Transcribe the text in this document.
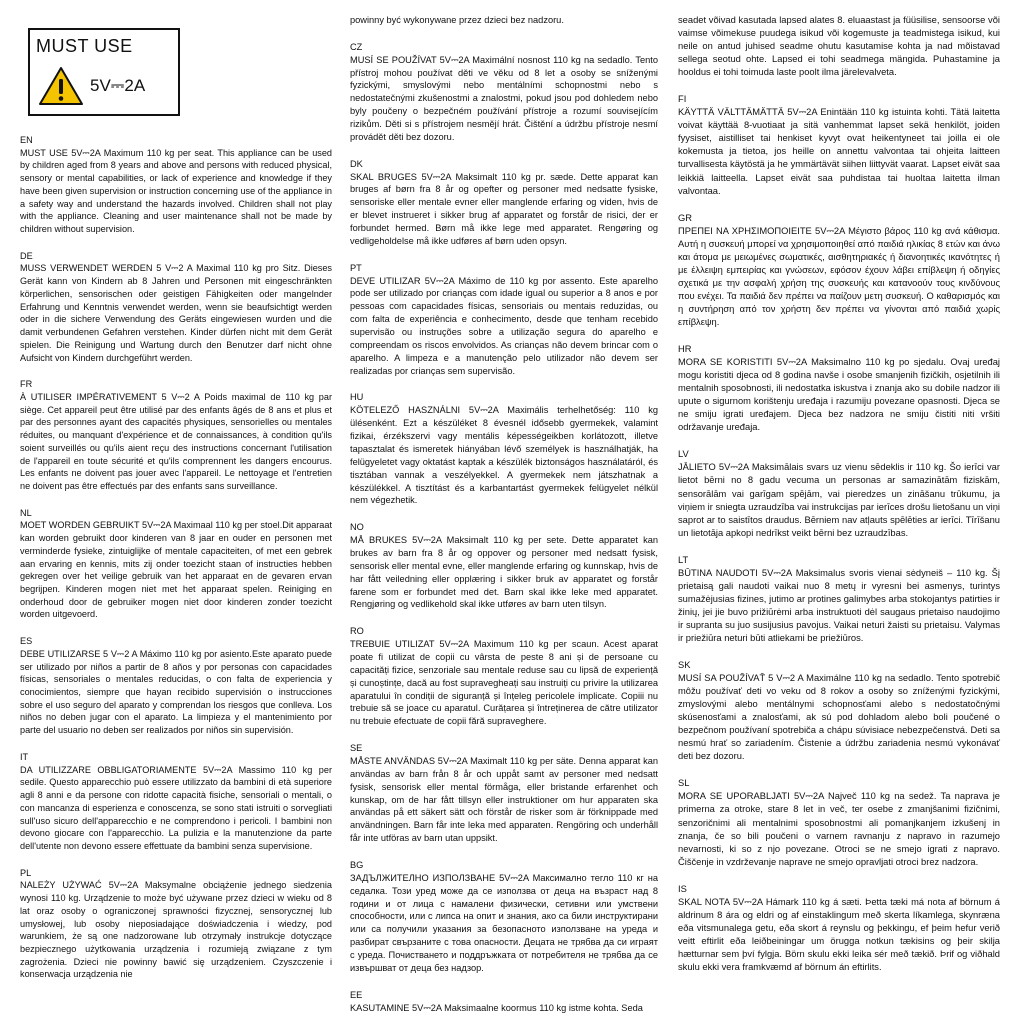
MUST USE
5V⎓2A
EN
MUST USE 5V⎓2A Maximum 110 kg per seat. This appliance can be used by children aged from 8 years and above and persons with reduced physical, sensory or mental capabilities, or lack of experience and knowledge if they have been given supervision or instruction concerning use of the appliance in a safety way and understand the hazards involved. Children shall not play with the appliance. Cleaning and user maintenance shall not be made by children without supervision.
DE
MUSS VERWENDET WERDEN 5 V⎓2 A Maximal 110 kg pro Sitz. Dieses Gerät kann von Kindern ab 8 Jahren und Personen mit eingeschränkten körperlichen, sensorischen oder geistigen Fähigkeiten oder mangelnder Erfahrung und Kenntnis verwendet werden, wenn sie beaufsichtigt werden oder in die sichere Verwendung des Geräts eingewiesen wurden und die damit verbundenen Gefahren verstehen. Kinder dürfen nicht mit dem Gerät spielen. Die Reinigung und Wartung durch den Benutzer darf nicht ohne Aufsicht von Kindern durchgeführt werden.
FR
À UTILISER IMPÉRATIVEMENT 5 V⎓2 A Poids maximal de 110 kg par siège. Cet appareil peut être utilisé par des enfants âgés de 8 ans et plus et par des personnes ayant des capacités physiques, sensorielles ou mentales réduites, ou manquant d'expérience et de connaissances, à condition qu'ils soient surveillés ou qu'ils aient reçu des instructions concernant l'utilisation de l'appareil en toute sécurité et qu'ils comprennent les dangers encourus. Les enfants ne doivent pas jouer avec l'appareil. Le nettoyage et l'entretien ne doivent pas être effectués par des enfants sans surveillance.
NL
MOET WORDEN GEBRUIKT 5V⎓2A Maximaal 110 kg per stoel.Dit apparaat kan worden gebruikt door kinderen van 8 jaar en ouder en personen met verminderde fysieke, zintuiglijke of mentale capaciteiten, of met een gebrek aan ervaring en kennis, mits zij onder toezicht staan of instructies hebben gekregen over het veilige gebruik van het apparaat en de gevaren ervan begrijpen. Kinderen mogen niet met het apparaat spelen. Reiniging en onderhoud door de gebruiker mogen niet door kinderen zonder toezicht worden uitgevoerd.
ES
DEBE UTILIZARSE 5 V⎓2 A Máximo 110 kg por asiento.Este aparato puede ser utilizado por niños a partir de 8 años y por personas con capacidades físicas, sensoriales o mentales reducidas, o con falta de experiencia y conocimientos, siempre que hayan recibido supervisión o instrucciones sobre el uso seguro del aparato y comprendan los riesgos que conlleva. Los niños no deben jugar con el aparato. La limpieza y el mantenimiento por parte del usuario no deben ser realizados por niños sin supervisión.
IT
DA UTILIZZARE OBBLIGATORIAMENTE 5V⎓2A Massimo 110 kg per sedile. Questo apparecchio può essere utilizzato da bambini di età superiore agli 8 anni e da persone con ridotte capacità fisiche, sensoriali o mentali, o con mancanza di esperienza e conoscenza, se sono stati istruiti o sorvegliati sull'uso sicuro dell'apparecchio e ne comprendono i pericoli. I bambini non devono giocare con l'apparecchio. La pulizia e la manutenzione da parte dell'utente non devono essere effettuate da bambini senza supervisione.
PL
NALEŻY UŻYWAĆ 5V⎓2A Maksymalne obciążenie jednego siedzenia wynosi 110 kg. Urządzenie to może być używane przez dzieci w wieku od 8 lat oraz osoby o ograniczonej sprawności fizycznej, sensorycznej lub umysłowej, lub osoby nieposiadające doświadczenia i wiedzy, pod warunkiem, że są one nadzorowane lub otrzymały instrukcje dotyczące bezpiecznego użytkowania urządzenia i rozumieją związane z tym zagrożenia. Dzieci nie powinny bawić się urządzeniem. Czyszczenie i konserwacja urządzenia nie
powinny być wykonywane przez dzieci bez nadzoru.
CZ
MUSÍ SE POUŽÍVAT 5V⎓2A Maximální nosnost 110 kg na sedadlo. Tento přístroj mohou používat děti ve věku od 8 let a osoby se sníženými fyzickými, smyslovými nebo mentálními schopnostmi nebo s nedostatečnými zkušenostmi a znalostmi, pokud jsou pod dohledem nebo byly poučeny o bezpečném používání přístroje a rozumí souvisejícím rizikům. Děti si s přístrojem nesmějí hrát. Čištění a údržbu přístroje nesmí provádět děti bez dozoru.
DK
SKAL BRUGES 5V⎓2A Maksimalt 110 kg pr. sæde. Dette apparat kan bruges af børn fra 8 år og opefter og personer med nedsatte fysiske, sensoriske eller mentale evner eller manglende erfaring og viden, hvis de er blevet instrueret i sikker brug af apparatet og forstår de risici, der er forbundet hermed. Børn må ikke lege med apparatet. Rengøring og vedligeholdelse må ikke udføres af børn uden opsyn.
PT
DEVE UTILIZAR 5V⎓2A Máximo de 110 kg por assento. Este aparelho pode ser utilizado por crianças com idade igual ou superior a 8 anos e por pessoas com capacidades físicas, sensoriais ou mentais reduzidas, ou com falta de experiência e conhecimento, desde que tenham recebido supervisão ou instruções sobre a utilização segura do aparelho e compreendam os riscos envolvidos. As crianças não devem brincar com o aparelho. A limpeza e a manutenção pelo utilizador não devem ser realizadas por crianças sem supervisão.
HU
KÖTELEZŐ HASZNÁLNI 5V⎓2A Maximális terhelhetőség: 110 kg ülésenként. Ezt a készüléket 8 évesnél idősebb gyermekek, valamint fizikai, érzékszervi vagy mentális képességeikben korlátozott, illetve tapasztalat és ismeretek hiányában lévő személyek is használhatják, ha felügyeletet vagy oktatást kaptak a készülék biztonságos használatáról, és tisztában vannak a veszélyekkel. A gyermekek nem játszhatnak a készülékkel. A tisztítást és a karbantartást gyermekek felügyelet nélkül nem végezhetik.
NO
MÅ BRUKES 5V⎓2A Maksimalt 110 kg per sete. Dette apparatet kan brukes av barn fra 8 år og oppover og personer med nedsatt fysisk, sensorisk eller mental evne, eller manglende erfaring og kunnskap, hvis de har fått veiledning eller opplæring i sikker bruk av apparatet og forstår farene som er forbundet med det. Barn skal ikke leke med apparatet. Rengjøring og vedlikehold skal ikke utføres av barn uten tilsyn.
RO
TREBUIE UTILIZAT 5V⎓2A Maximum 110 kg per scaun. Acest aparat poate fi utilizat de copii cu vârsta de peste 8 ani și de persoane cu capacități fizice, senzoriale sau mentale reduse sau cu lipsă de experiență și cunoștințe, dacă au fost supravegheați sau instruiți cu privire la utilizarea aparatului în condiții de siguranță și înțeleg pericolele implicate. Copiii nu trebuie să se joace cu aparatul. Curățarea și întreținerea de către utilizator nu trebuie efectuate de copii fără supraveghere.
SE
MÅSTE ANVÄNDAS 5V⎓2A Maximalt 110 kg per säte. Denna apparat kan användas av barn från 8 år och uppåt samt av personer med nedsatt fysisk, sensorisk eller mental förmåga, eller bristande erfarenhet och kunskap, om de har fått tillsyn eller instruktioner om hur apparaten ska användas på ett säkert sätt och förstår de risker som är förknippade med användningen. Barn får inte leka med apparaten. Rengöring och underhåll får inte utföras av barn utan uppsikt.
BG
ЗАДЪЛЖИТЕЛНО ИЗПОЛЗВАНЕ 5V⎓2A Максимално тегло 110 кг на седалка. Този уред може да се използва от деца на възраст над 8 години и от лица с намалени физически, сетивни или умствени способности, или с липса на опит и знания, ако са били инструктирани или са получили указания за безопасното използване на уреда и разбират свързаните с това опасности. Децата не трябва да си играят с уреда. Почистването и поддръжката от потребителя не трябва да се извършват от деца без надзор.
EE
KASUTAMINE 5V⎓2A Maksimaalne koormus 110 kg istme kohta. Seda
seadet võivad kasutada lapsed alates 8. eluaastast ja füüsilise, sensoorse või vaimse võimekuse puudega isikud või kogemuste ja teadmistega isikud, kui neile on antud juhised seadme ohutu kasutamise kohta ja nad mõistavad sellega seotud ohte. Lapsed ei tohi seadmega mängida. Puhastamine ja hooldus ei tohi toimuda laste poolt ilma järelevalveta.
FI
KÄYTTÄ VÄLTTÄMÄTTÄ 5V⎓2A Enintään 110 kg istuinta kohti. Tätä laitetta voivat käyttää 8-vuotiaat ja sitä vanhemmat lapset sekä henkilöt, joiden fyysiset, aistilliset tai henkiset kyvyt ovat heikentyneet tai joilla ei ole kokemusta ja tietoa, jos heille on annettu valvontaa tai ohjeita laitteen turvallisesta käytöstä ja he ymmärtävät siihen liittyvät vaarat. Lapset eivät saa leikkiä laitteella. Lapset eivät saa puhdistaa tai huoltaa laitetta ilman valvontaa.
GR
ΠΡΕΠΕΙ ΝΑ ΧΡΗΣΙΜΟΠΟΙΕΙΤΕ 5V⎓2A Μέγιστο βάρος 110 kg ανά κάθισμα. Αυτή η συσκευή μπορεί να χρησιμοποιηθεί από παιδιά ηλικίας 8 ετών και άνω και άτομα με μειωμένες σωματικές, αισθητηριακές ή διανοητικές ικανότητες ή με έλλειψη εμπειρίας και γνώσεων, εφόσον έχουν λάβει επίβλεψη ή οδηγίες σχετικά με την ασφαλή χρήση της συσκευής και κατανοούν τους κινδύνους που ενέχει. Τα παιδιά δεν πρέπει να παίζουν μετη συσκευή. Ο καθαρισμός και η συντήρηση από τον χρήστη δεν πρέπει να γίνονται από παιδιά χωρίς επίβλεψη.
HR
MORA SE KORISTITI 5V⎓2A Maksimalno 110 kg po sjedalu. Ovaj uređaj mogu koristiti djeca od 8 godina navše i osobe smanjenih fizičkih, osjetilnih ili mentalnih sposobnosti, ili nedostatka iskustva i znanja ako su dobile nadzor ili upute o sigurnom korištenju uređaja i razumiju povezane opasnosti. Djeca se ne smiju igrati uređajem. Djeca bez nadzora ne smiju čistiti niti vršiti održavanje uređaja.
LV
JĀLIETO 5V⎓2A Maksimālais svars uz vienu sēdeklis ir 110 kg. Šo ierīci var lietot bērni no 8 gadu vecuma un personas ar samazinātām fiziskām, sensorālām vai garīgam spējām, vai pieredzes un zināšanu trūkumu, ja viņiem ir sniegta uzraudzība vai instrukcijas par ierīces drošu lietošanu un viņi saprot ar to saistītos draudus. Bērniem nav atļauts spēlēties ar ierīci. Tīrīšanu un lietotāja apkopi nedrīkst veikt bērni bez uzraudzības.
LT
BŪTINA NAUDOTI 5V⎓2A Maksimalus svoris vienai sėdyneiš – 110 kg. Šį prietaisą gali naudoti vaikai nuo 8 metų ir vyresni bei asmenys, turintys sumažėjusias fizines, jutimo ar protines galimybes arba stokojantys patirties ir žinių, jei jie buvo prižiūrėmi arba instruktuoti dėl saugaus prietaiso naudojimo ir supranta su juo susijusius pavojus. Vaikai neturi žaisti su prietaisu. Valymas ir priežiūra neturi būti atliekami be priežiūros.
SK
MUSÍ SA POUŽÍVAŤ 5 V⎓2 A Maximálne 110 kg na sedadlo. Tento spotrebič môžu používať deti vo veku od 8 rokov a osoby so zníženými fyzickými, zmyslovými alebo mentálnymi schopnosťami alebo s nedostatočnými skúsenosťami a znalosťami, ak sú pod dohladom alebo boli poučené o bezpečnom používaní spotrebiča a chápu súvisiace nebezpečenstvá. Deti sa nesmú hrať so zariadením. Čistenie a údržbu zariadenia nesmú vykonávať deti bez dozoru.
SL
MORA SE UPORABLJATI 5V⎓2A Največ 110 kg na sedež. Ta naprava je primerna za otroke, stare 8 let in več, ter osebe z zmanjšanimi fizičnimi, senzoričnimi ali mentalnimi sposobnostmi ali pomanjkanjem izkušenj in znanja, če so bili poučeni o varnem ravnanju z napravo in razumejo nevarnosti, ki so z njo povezane. Otroci se ne smejo igrati z napravo. Čiščenje in vzdrževanje naprave ne smejo opravljati otroci brez nadzora.
IS
SKAL NOTA 5V⎓2A Hámark 110 kg á sæti. Þetta tæki má nota af börnum á aldrinum 8 ára og eldri og af einstaklingum með skerta líkamlega, skynræna eða vitsmunalega getu, eða skort á reynslu og þekkingu, ef þeim hefur verið veitt eftirlit eða leiðbeiningar um örugga notkun tækisins og þeir skilja hætturnar sem því fylgja. Börn skulu ekki leika sér með tækið. Þrif og viðhald skulu ekki vera framkvæmd af börnum án eftirlits.
